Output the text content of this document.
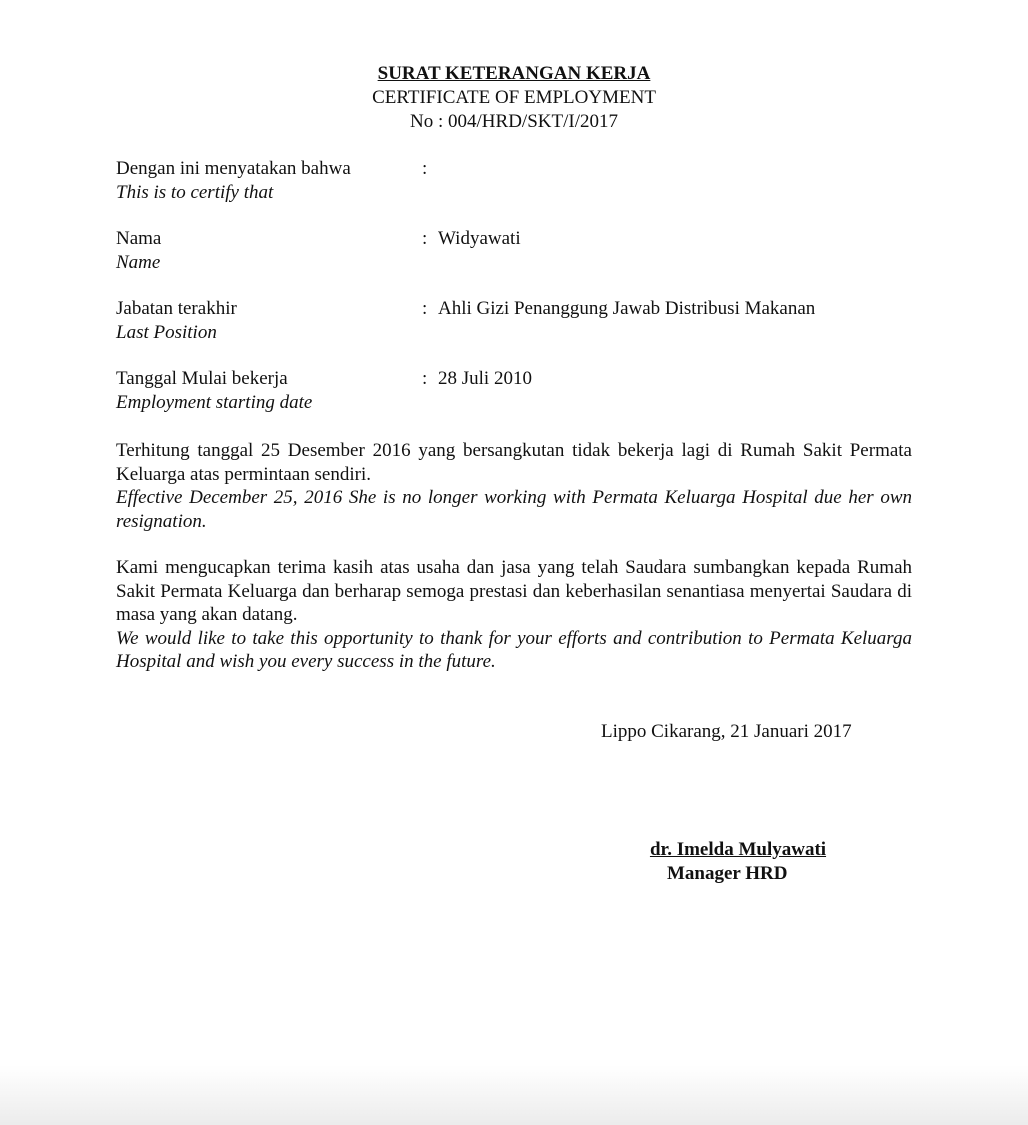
SURAT KETERANGAN KERJA
CERTIFICATE OF EMPLOYMENT
No : 004/HRD/SKT/I/2017
Dengan ini menyatakan bahwa
This is to certify that
:
Nama
Name
: Widyawati
Jabatan terakhir
Last Position
: Ahli Gizi Penanggung Jawab Distribusi Makanan
Tanggal Mulai bekerja
Employment starting date
: 28 Juli 2010

Terhitung tanggal 25 Desember 2016 yang bersangkutan tidak bekerja lagi di Rumah Sakit Permata Keluarga atas permintaan sendiri.

Effective December 25, 2016 She is no longer working with Permata Keluarga Hospital due her own resignation.

Kami mengucapkan terima kasih atas usaha dan jasa yang telah Saudara sumbangkan kepada Rumah Sakit Permata Keluarga dan berharap semoga prestasi dan keberhasilan senantiasa menyertai Saudara di masa yang akan datang.

We would like to take this opportunity to thank for your efforts and contribution to Permata Keluarga Hospital and wish you every success in the future.

Lippo Cikarang, 21 Januari 2017
dr. Imelda Mulyawati
Manager HRD
